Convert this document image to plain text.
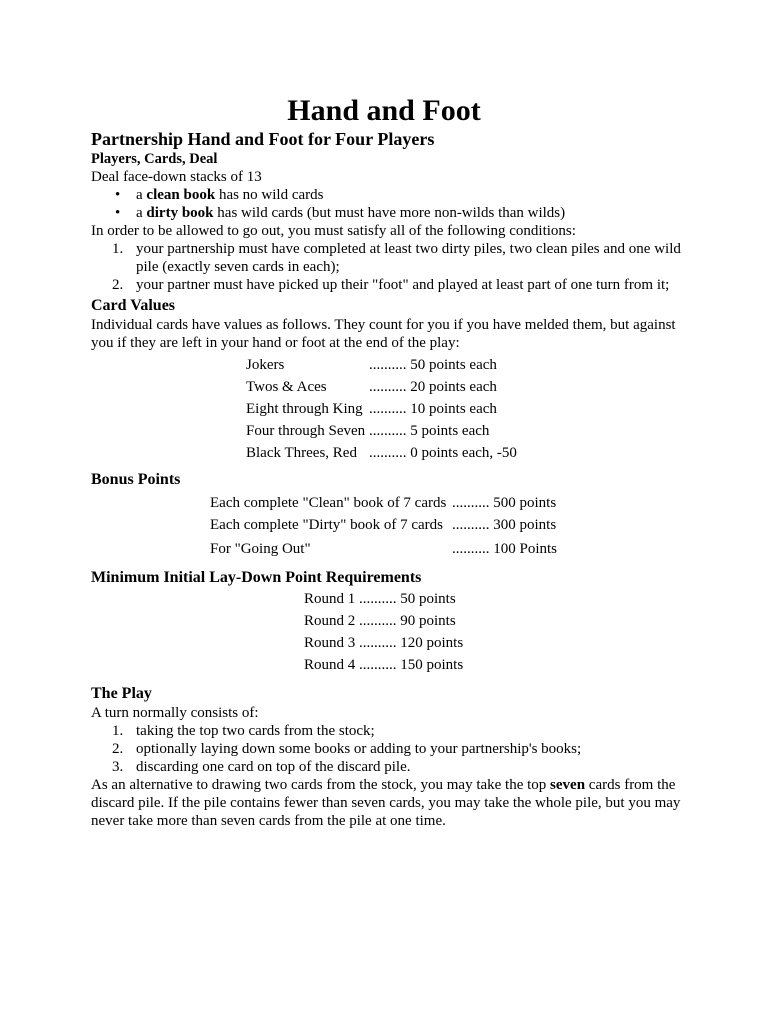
Hand and Foot
Partnership Hand and Foot for Four Players
Players, Cards, Deal

Deal face-down stacks of 13

• a clean book has no wild cards
• a dirty book has wild cards (but must have more non-wilds than wilds)

In order to be allowed to go out, you must satisfy all of the following conditions:

1. your partnership must have completed at least two dirty piles, two clean piles and one wild pile (exactly seven cards in each);
2. your partner must have picked up their "foot" and played at least part of one turn from it;
Card Values

Individual cards have values as follows. They count for you if you have melded them, but against you if they are left in your hand or foot at the end of the play:

Jokers	.......... 50 points each
Twos & Aces	.......... 20 points each
Eight through King .......... 10 points each
Four through Seven .......... 5 points each
Black Threes, Red .......... 0 points each, -50
Bonus Points
Each complete "Clean" book of 7 cards .......... 500 points
Each complete "Dirty" book of 7 cards .......... 300 points
For "Going Out"	.......... 100 Points
Minimum Initial Lay-Down Point Requirements
Round 1 .......... 50 points
Round 2 .......... 90 points
Round 3 .......... 120 points
Round 4 .......... 150 points
The Play

A turn normally consists of:

1. taking the top two cards from the stock;
2. optionally laying down some books or adding to your partnership's books;
3. discarding one card on top of the discard pile.

As an alternative to drawing two cards from the stock, you may take the top seven cards from the discard pile. If the pile contains fewer than seven cards, you may take the whole pile, but you may never take more than seven cards from the pile at one time.
